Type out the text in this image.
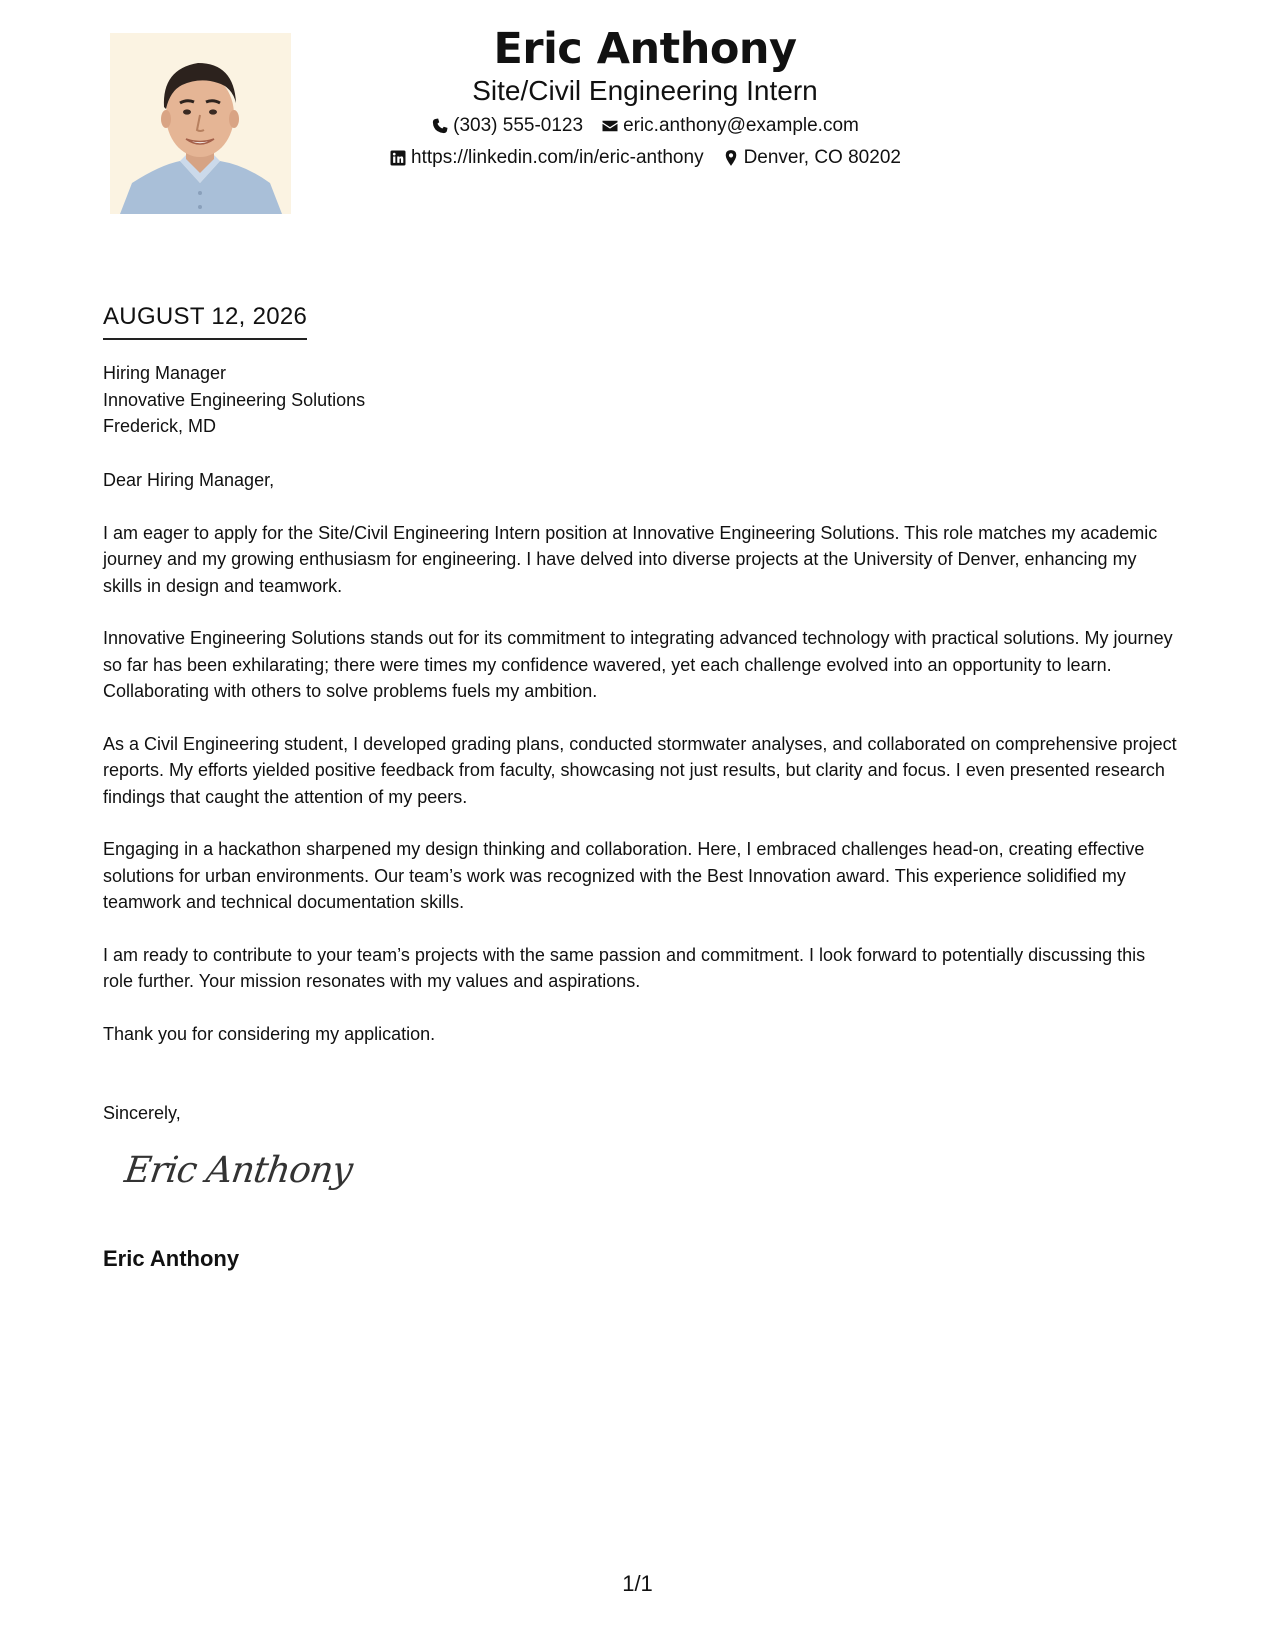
Eric Anthony
Site/Civil Engineering Intern
(303) 555-0123 eric.anthony@example.com
https://linkedin.com/in/eric-anthony Denver, CO 80202
AUGUST 12, 2026
Hiring Manager
Innovative Engineering Solutions
Frederick, MD

Dear Hiring Manager,

I am eager to apply for the Site/Civil Engineering Intern position at Innovative Engineering Solutions. This role matches my academic journey and my growing enthusiasm for engineering. I have delved into diverse projects at the University of Denver, enhancing my skills in design and teamwork.

Innovative Engineering Solutions stands out for its commitment to integrating advanced technology with practical solutions. My journey so far has been exhilarating; there were times my confidence wavered, yet each challenge evolved into an opportunity to learn. Collaborating with others to solve problems fuels my ambition.

As a Civil Engineering student, I developed grading plans, conducted stormwater analyses, and collaborated on comprehensive project reports. My efforts yielded positive feedback from faculty, showcasing not just results, but clarity and focus. I even presented research findings that caught the attention of my peers.

Engaging in a hackathon sharpened my design thinking and collaboration. Here, I embraced challenges head-on, creating effective solutions for urban environments. Our team’s work was recognized with the Best Innovation award. This experience solidified my teamwork and technical documentation skills.

I am ready to contribute to your team’s projects with the same passion and commitment. I look forward to potentially discussing this role further. Your mission resonates with my values and aspirations.

Thank you for considering my application.

Sincerely,
Eric Anthony
Eric Anthony
1/1
